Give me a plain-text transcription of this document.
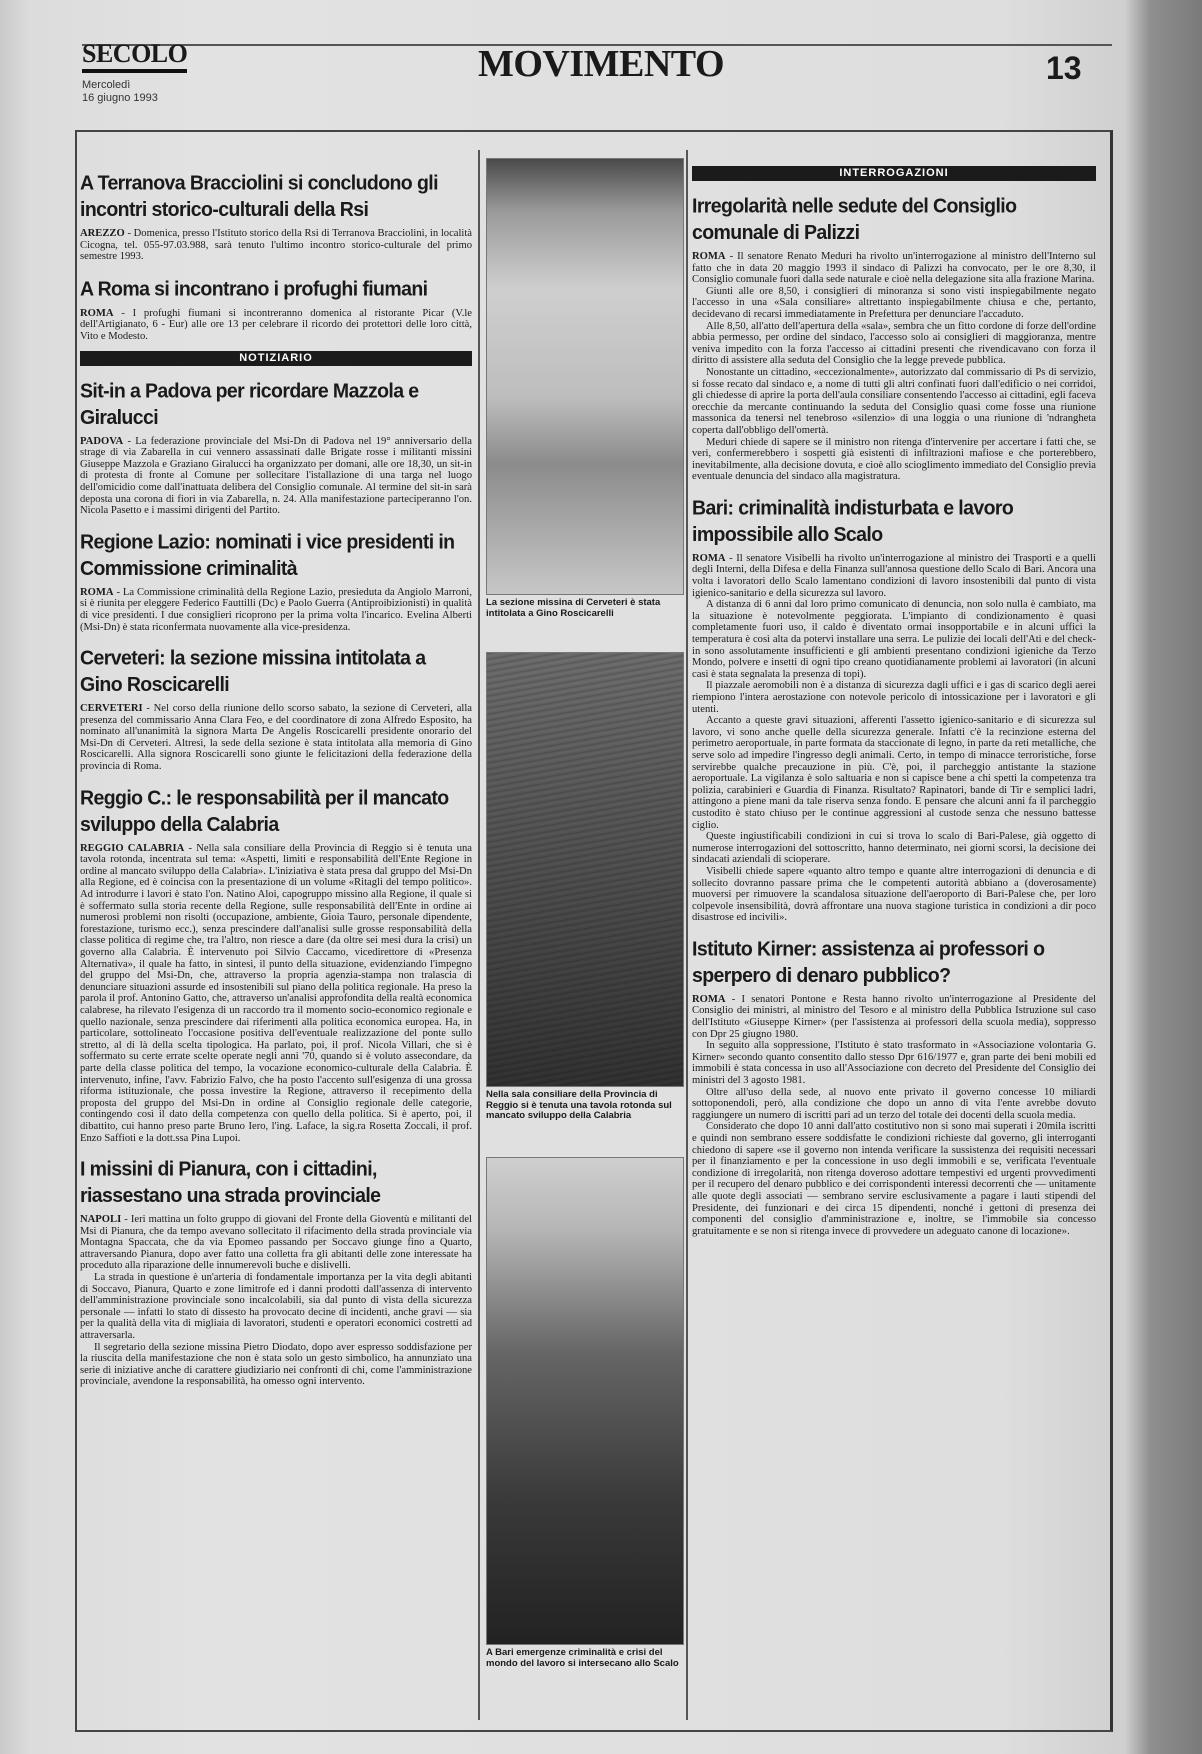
SECOLO
Mercoledì
16 giugno 1993
MOVIMENTO	13
A Terranova Bracciolini si concludono gli incontri storico-culturali della Rsi

AREZZO - Domenica, presso l'Istituto storico della Rsi di Terranova Bracciolini, in località Cicogna, tel. 055-97.03.988, sarà tenuto l'ultimo incontro storico-culturale del primo semestre 1993.

A Roma si incontrano i profughi fiumani

ROMA - I profughi fiumani si incontreranno domenica al ristorante Picar (V.le dell'Artigianato, 6 - Eur) alle ore 13 per celebrare il ricordo dei protettori delle loro città, Vito e Modesto.

NOTIZIARIO
Sit-in a Padova per ricordare Mazzola e Giralucci

PADOVA - La federazione provinciale del Msi-Dn di Padova nel 19° anniversario della strage di via Zabarella in cui vennero assassinati dalle Brigate rosse i militanti missini Giuseppe Mazzola e Graziano Giralucci ha organizzato per domani, alle ore 18,30, un sit-in di protesta di fronte al Comune per sollecitare l'istallazione di una targa nel luogo dell'omicidio come dall'inattuata delibera del Consiglio comunale. Al termine del sit-in sarà deposta una corona di fiori in via Zabarella, n. 24. Alla manifestazione parteciperanno l'on. Nicola Pasetto e i massimi dirigenti del Partito.

Regione Lazio: nominati i vice presidenti in Commissione criminalità

ROMA - La Commissione criminalità della Regione Lazio, presieduta da Angiolo Marroni, si è riunita per eleggere Federico Fauttilli (Dc) e Paolo Guerra (Antiproibizionisti) in qualità di vice presidenti. I due consiglieri ricoprono per la prima volta l'incarico. Evelina Alberti (Msi-Dn) è stata riconfermata nuovamente alla vice-presidenza.

Cerveteri: la sezione missina intitolata a Gino Roscicarelli

CERVETERI - Nel corso della riunione dello scorso sabato, la sezione di Cerveteri, alla presenza del commissario Anna Clara Feo, e del coordinatore di zona Alfredo Esposito, ha nominato all'unanimità la signora Marta De Angelis Roscicarelli presidente onorario del Msi-Dn di Cerveteri. Altresì, la sede della sezione è stata intitolata alla memoria di Gino Roscicarelli. Alla signora Roscicarelli sono giunte le felicitazioni della federazione della provincia di Roma.

Reggio C.: le responsabilità per il mancato sviluppo della Calabria

REGGIO CALABRIA - Nella sala consiliare della Provincia di Reggio si è tenuta una tavola rotonda, incentrata sul tema: «Aspetti, limiti e responsabilità dell'Ente Regione in ordine al mancato sviluppo della Calabria». L'iniziativa è stata presa dal gruppo del Msi-Dn alla Regione, ed è coincisa con la presentazione di un volume «Ritagli del tempo politico». Ad introdurre i lavori è stato l'on. Natino Aloi, capogruppo missino alla Regione, il quale si è soffermato sulla storia recente della Regione, sulle responsabilità dell'Ente in ordine ai numerosi problemi non risolti (occupazione, ambiente, Gioia Tauro, personale dipendente, forestazione, turismo ecc.), senza prescindere dall'analisi sulle grosse responsabilità della classe politica di regime che, tra l'altro, non riesce a dare (da oltre sei mesi dura la crisi) un governo alla Calabria. È intervenuto poi Silvio Caccamo, vicedirettore di «Presenza Alternativa», il quale ha fatto, in sintesi, il punto della situazione, evidenziando l'impegno del gruppo del Msi-Dn, che, attraverso la propria agenzia-stampa non tralascia di denunciare situazioni assurde ed insostenibili sul piano della politica regionale. Ha preso la parola il prof. Antonino Gatto, che, attraverso un'analisi approfondita della realtà economica calabrese, ha rilevato l'esigenza di un raccordo tra il momento socio-economico regionale e quello nazionale, senza prescindere dai riferimenti alla politica economica europea. Ha, in particolare, sottolineato l'occasione positiva dell'eventuale realizzazione del ponte sullo stretto, al di là della scelta tipologica. Ha parlato, poi, il prof. Nicola Villari, che si è soffermato su certe errate scelte operate negli anni '70, quando si è voluto assecondare, da parte della classe politica del tempo, la vocazione economico-culturale della Calabria. È intervenuto, infine, l'avv. Fabrizio Falvo, che ha posto l'accento sull'esigenza di una grossa riforma istituzionale, che possa investire la Regione, attraverso il recepimento della proposta del gruppo del Msi-Dn in ordine al Consiglio regionale delle categorie, contingendo così il dato della competenza con quello della politica. Si è aperto, poi, il dibattito, cui hanno preso parte Bruno Iero, l'ing. Laface, la sig.ra Rosetta Zoccali, il prof. Enzo Saffioti e la dott.ssa Pina Lupoi.

I missini di Pianura, con i cittadini, riassestano una strada provinciale

NAPOLI - Ieri mattina un folto gruppo di giovani del Fronte della Gioventù e militanti del Msi di Pianura, che da tempo avevano sollecitato il rifacimento della strada provinciale via Montagna Spaccata, che da via Epomeo passando per Soccavo giunge fino a Quarto, attraversando Pianura, dopo aver fatto una colletta fra gli abitanti delle zone interessate ha proceduto alla riparazione delle innumerevoli buche e dislivelli.

La strada in questione è un'arteria di fondamentale importanza per la vita degli abitanti di Soccavo, Pianura, Quarto e zone limitrofe ed i danni prodotti dall'assenza di intervento dell'amministrazione provinciale sono incalcolabili, sia dal punto di vista della sicurezza personale — infatti lo stato di dissesto ha provocato decine di incidenti, anche gravi — sia per la qualità della vita di migliaia di lavoratori, studenti e operatori economici costretti ad attraversarla.

Il segretario della sezione missina Pietro Diodato, dopo aver espresso soddisfazione per la riuscita della manifestazione che non è stata solo un gesto simbolico, ha annunziato una serie di iniziative anche di carattere giudiziario nei confronti di chi, come l'amministrazione provinciale, avendone la responsabilità, ha omesso ogni intervento.

INTERROGAZIONI
Irregolarità nelle sedute del Consiglio comunale di Palizzi

ROMA - Il senatore Renato Meduri ha rivolto un'interrogazione al ministro dell'Interno sul fatto che in data 20 maggio 1993 il sindaco di Palizzi ha convocato, per le ore 8,30, il Consiglio comunale fuori dalla sede naturale e cioè nella delegazione sita alla frazione Marina.

Giunti alle ore 8,50, i consiglieri di minoranza si sono visti inspiegabilmente negato l'accesso in una «Sala consiliare» altrettanto inspiegabilmente chiusa e che, pertanto, decidevano di recarsi immediatamente in Prefettura per denunciare l'accaduto.

Alle 8,50, all'atto dell'apertura della «sala», sembra che un fitto cordone di forze dell'ordine abbia permesso, per ordine del sindaco, l'accesso solo ai consiglieri di maggioranza, mentre veniva impedito con la forza l'accesso ai cittadini presenti che rivendicavano con forza il diritto di assistere alla seduta del Consiglio che la legge prevede pubblica.

Nonostante un cittadino, «eccezionalmente», autorizzato dal commissario di Ps di servizio, si fosse recato dal sindaco e, a nome di tutti gli altri confinati fuori dall'edificio o nei corridoi, gli chiedesse di aprire la porta dell'aula consiliare consentendo l'accesso ai cittadini, egli faceva orecchie da mercante continuando la seduta del Consiglio quasi come fosse una riunione massonica da tenersi nel tenebroso «silenzio» di una loggia o una riunione di 'ndrangheta coperta dall'obbligo dell'omertà.

Meduri chiede di sapere se il ministro non ritenga d'intervenire per accertare i fatti che, se veri, confermerebbero i sospetti già esistenti di infiltrazioni mafiose e che porterebbero, inevitabilmente, alla decisione dovuta, e cioè allo scioglimento immediato del Consiglio previa eventuale denuncia del sindaco alla magistratura.

Bari: criminalità indisturbata e lavoro impossibile allo Scalo

ROMA - Il senatore Visibelli ha rivolto un'interrogazione al ministro dei Trasporti e a quelli degli Interni, della Difesa e della Finanza sull'annosa questione dello Scalo di Bari. Ancora una volta i lavoratori dello Scalo lamentano condizioni di lavoro insostenibili dal punto di vista igienico-sanitario e della sicurezza sul lavoro.

A distanza di 6 anni dal loro primo comunicato di denuncia, non solo nulla è cambiato, ma la situazione è notevolmente peggiorata. L'impianto di condizionamento è quasi completamente fuori uso, il caldo è diventato ormai insopportabile e in alcuni uffici la temperatura è così alta da potervi installare una serra. Le pulizie dei locali dell'Ati e del check-in sono assolutamente insufficienti e gli ambienti presentano condizioni igieniche da Terzo Mondo, polvere e insetti di ogni tipo creano quotidianamente problemi ai lavoratori (in alcuni casi è stata segnalata la presenza di topi).

Il piazzale aeromobili non è a distanza di sicurezza dagli uffici e i gas di scarico degli aerei riempiono l'intera aerostazione con notevole pericolo di intossicazione per i lavoratori e gli utenti.

Accanto a queste gravi situazioni, afferenti l'assetto igienico-sanitario e di sicurezza sul lavoro, vi sono anche quelle della sicurezza generale. Infatti c'è la recinzione esterna del perimetro aeroportuale, in parte formata da staccionate di legno, in parte da reti metalliche, che serve solo ad impedire l'ingresso degli animali. Certo, in tempo di minacce terroristiche, forse servirebbe qualche precauzione in più. C'è, poi, il parcheggio antistante la stazione aeroportuale. La vigilanza è solo saltuaria e non si capisce bene a chi spetti la competenza tra polizia, carabinieri e Guardia di Finanza. Risultato? Rapinatori, bande di Tir e semplici ladri, attingono a piene mani da tale riserva senza fondo. E pensare che alcuni anni fa il parcheggio custodito è stato chiuso per le continue aggressioni al custode senza che nessuno battesse ciglio.

Queste ingiustificabili condizioni in cui si trova lo scalo di Bari-Palese, già oggetto di numerose interrogazioni del sottoscritto, hanno determinato, nei giorni scorsi, la decisione dei sindacati aziendali di scioperare.

Visibelli chiede sapere «quanto altro tempo e quante altre interrogazioni di denuncia e di sollecito dovranno passare prima che le competenti autorità abbiano a (doverosamente) muoversi per rimuovere la scandalosa situazione dell'aeroporto di Bari-Palese che, per loro colpevole insensibilità, dovrà affrontare una nuova stagione turistica in condizioni a dir poco disastrose ed incivili».

Istituto Kirner: assistenza ai professori o sperpero di denaro pubblico?

ROMA - I senatori Pontone e Resta hanno rivolto un'interrogazione al Presidente del Consiglio dei ministri, al ministro del Tesoro e al ministro della Pubblica Istruzione sul caso dell'Istituto «Giuseppe Kirner» (per l'assistenza ai professori della scuola media), soppresso con Dpr 25 giugno 1980.

In seguito alla soppressione, l'Istituto è stato trasformato in «Associazione volontaria G. Kirner» secondo quanto consentito dallo stesso Dpr 616/1977 e, gran parte dei beni mobili ed immobili è stata concessa in uso all'Associazione con decreto del Presidente del Consiglio dei ministri del 3 agosto 1981.

Oltre all'uso della sede, al nuovo ente privato il governo concesse 10 miliardi sottoponendoli, però, alla condizione che dopo un anno di vita l'ente avrebbe dovuto raggiungere un numero di iscritti pari ad un terzo del totale dei docenti della scuola media.

Considerato che dopo 10 anni dall'atto costitutivo non si sono mai superati i 20mila iscritti e quindi non sembrano essere soddisfatte le condizioni richieste dal governo, gli interroganti chiedono di sapere «se il governo non intenda verificare la sussistenza dei requisiti necessari per il finanziamento e per la concessione in uso degli immobili e se, verificata l'eventuale condizione di irregolarità, non ritenga doveroso adottare tempestivi ed urgenti provvedimenti per il recupero del denaro pubblico e dei corrispondenti interessi decorrenti che — unitamente alle quote degli associati — sembrano servire esclusivamente a pagare i lauti stipendi del Presidente, dei funzionari e dei circa 15 dipendenti, nonché i gettoni di presenza dei componenti del consiglio d'amministrazione e, inoltre, se l'immobile sia concesso gratuitamente e se non si ritenga invece di provvedere un adeguato canone di locazione».

La sezione missina di Cerveteri è stata intitolata a Gino Roscicarelli
Nella sala consiliare della Provincia di Reggio si è tenuta una tavola rotonda sul mancato sviluppo della Calabria
A Bari emergenze criminalità e crisi del mondo del lavoro si intersecano allo Scalo
